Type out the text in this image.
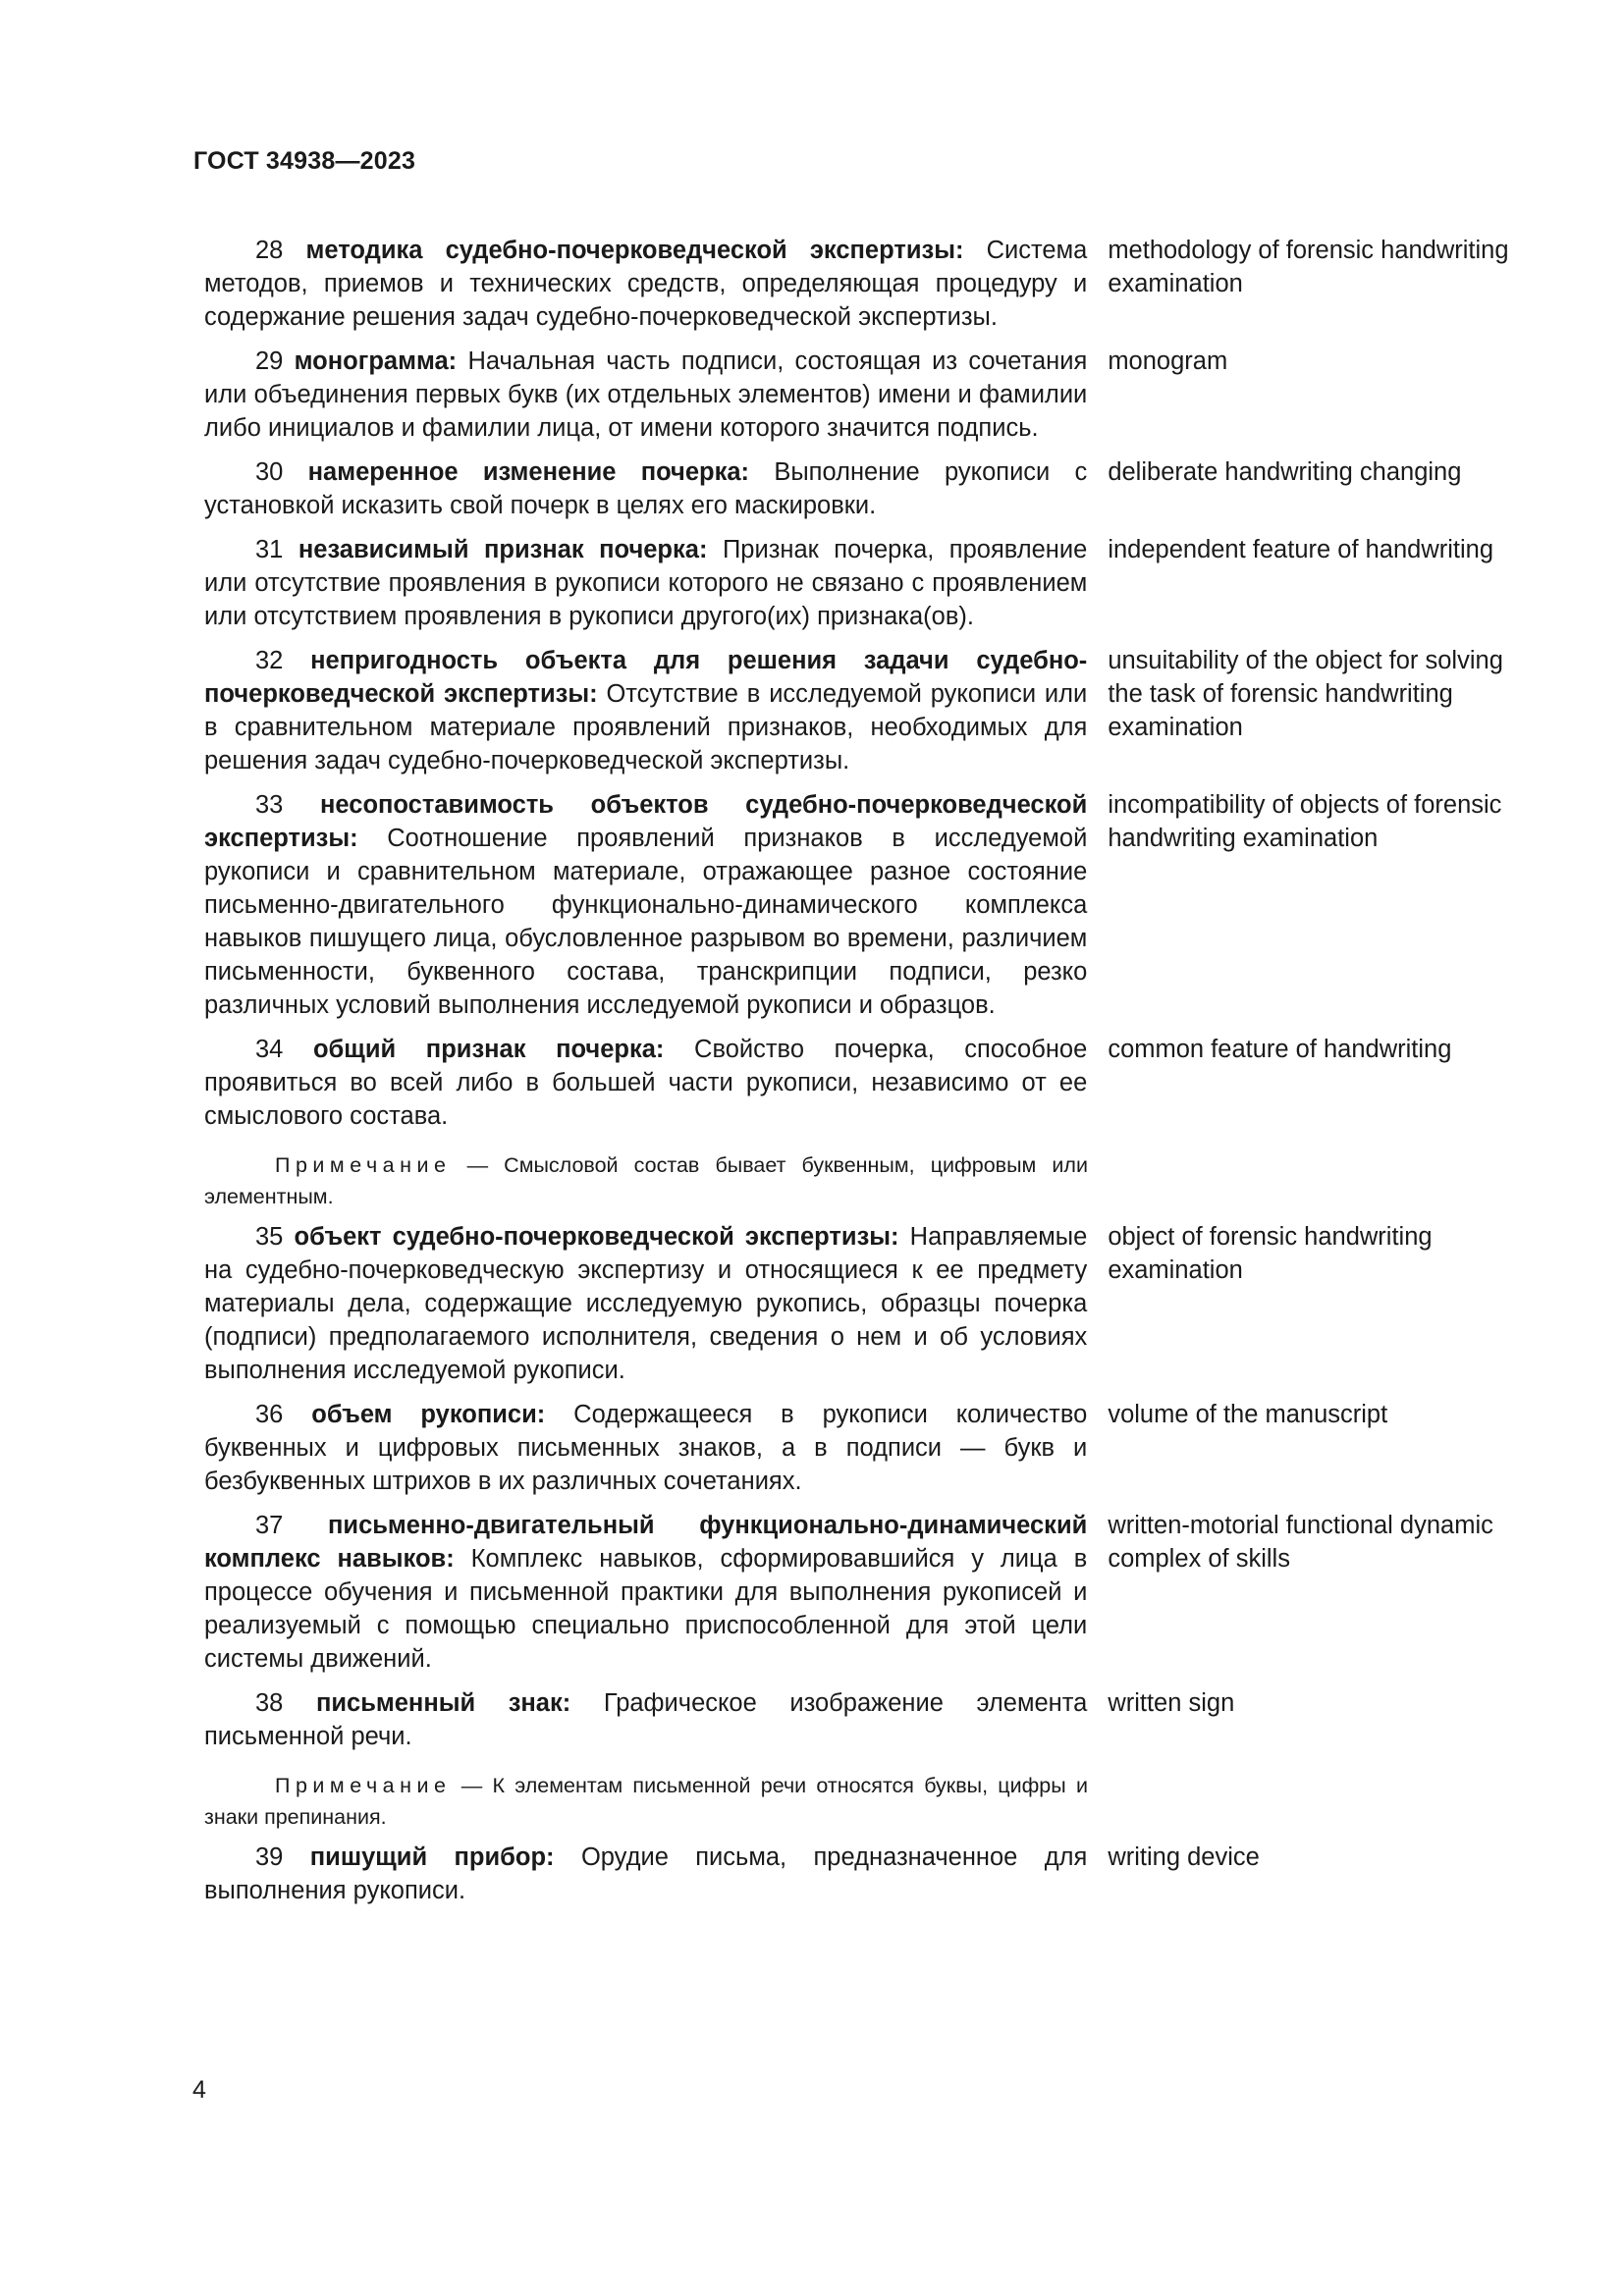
ГОСТ 34938—2023
28 методика судебно-почерковедческой экспертизы: Система методов, приемов и технических средств, определяющая процедуру и содержание решения задач судебно-почерковедческой экспертизы.
methodology of forensic handwriting examination
29 монограмма: Начальная часть подписи, состоящая из сочетания или объединения первых букв (их отдельных элементов) имени и фамилии либо инициалов и фамилии лица, от имени которого значится подпись.
monogram
30 намеренное изменение почерка: Выполнение рукописи с установкой исказить свой почерк в целях его маскировки.
deliberate handwriting changing
31 независимый признак почерка: Признак почерка, проявление или отсутствие проявления в рукописи которого не связано с проявлением или отсутствием проявления в рукописи другого(их) признака(ов).
independent feature of handwriting
32 непригодность объекта для решения задачи судебно-почерковедческой экспертизы: Отсутствие в исследуемой рукописи или в сравнительном материале проявлений признаков, необходимых для решения задач судебно-почерковедческой экспертизы.
unsuitability of the object for solving the task of forensic handwriting examination
33 несопоставимость объектов судебно-почерковедческой экспертизы: Соотношение проявлений признаков в исследуемой рукописи и сравнительном материале, отражающее разное состояние письменно-двигательного функционально-динамического комплекса навыков пишущего лица, обусловленное разрывом во времени, различием письменности, буквенного состава, транскрипции подписи, резко различных условий выполнения исследуемой рукописи и образцов.
incompatibility of objects of forensic handwriting examination
34 общий признак почерка: Свойство почерка, способное проявиться во всей либо в большей части рукописи, независимо от ее смыслового состава.
common feature of handwriting
Примечание — Смысловой состав бывает буквенным, цифровым или элементным.
35 объект судебно-почерковедческой экспертизы: Направляемые на судебно-почерковедческую экспертизу и относящиеся к ее предмету материалы дела, содержащие исследуемую рукопись, образцы почерка (подписи) предполагаемого исполнителя, сведения о нем и об условиях выполнения исследуемой рукописи.
object of forensic handwriting examination
36 объем рукописи: Содержащееся в рукописи количество буквенных и цифровых письменных знаков, а в подписи — букв и безбуквенных штрихов в их различных сочетаниях.
volume of the manuscript
37 письменно-двигательный функционально-динамический комплекс навыков: Комплекс навыков, сформировавшийся у лица в процессе обучения и письменной практики для выполнения рукописей и реализуемый с помощью специально приспособленной для этой цели системы движений.
written-motorial functional dynamic complex of skills
38 письменный знак: Графическое изображение элемента письменной речи.
written sign
Примечание — К элементам письменной речи относятся буквы, цифры и знаки препинания.
39 пишущий прибор: Орудие письма, предназначенное для выполнения рукописи.
writing device
4
